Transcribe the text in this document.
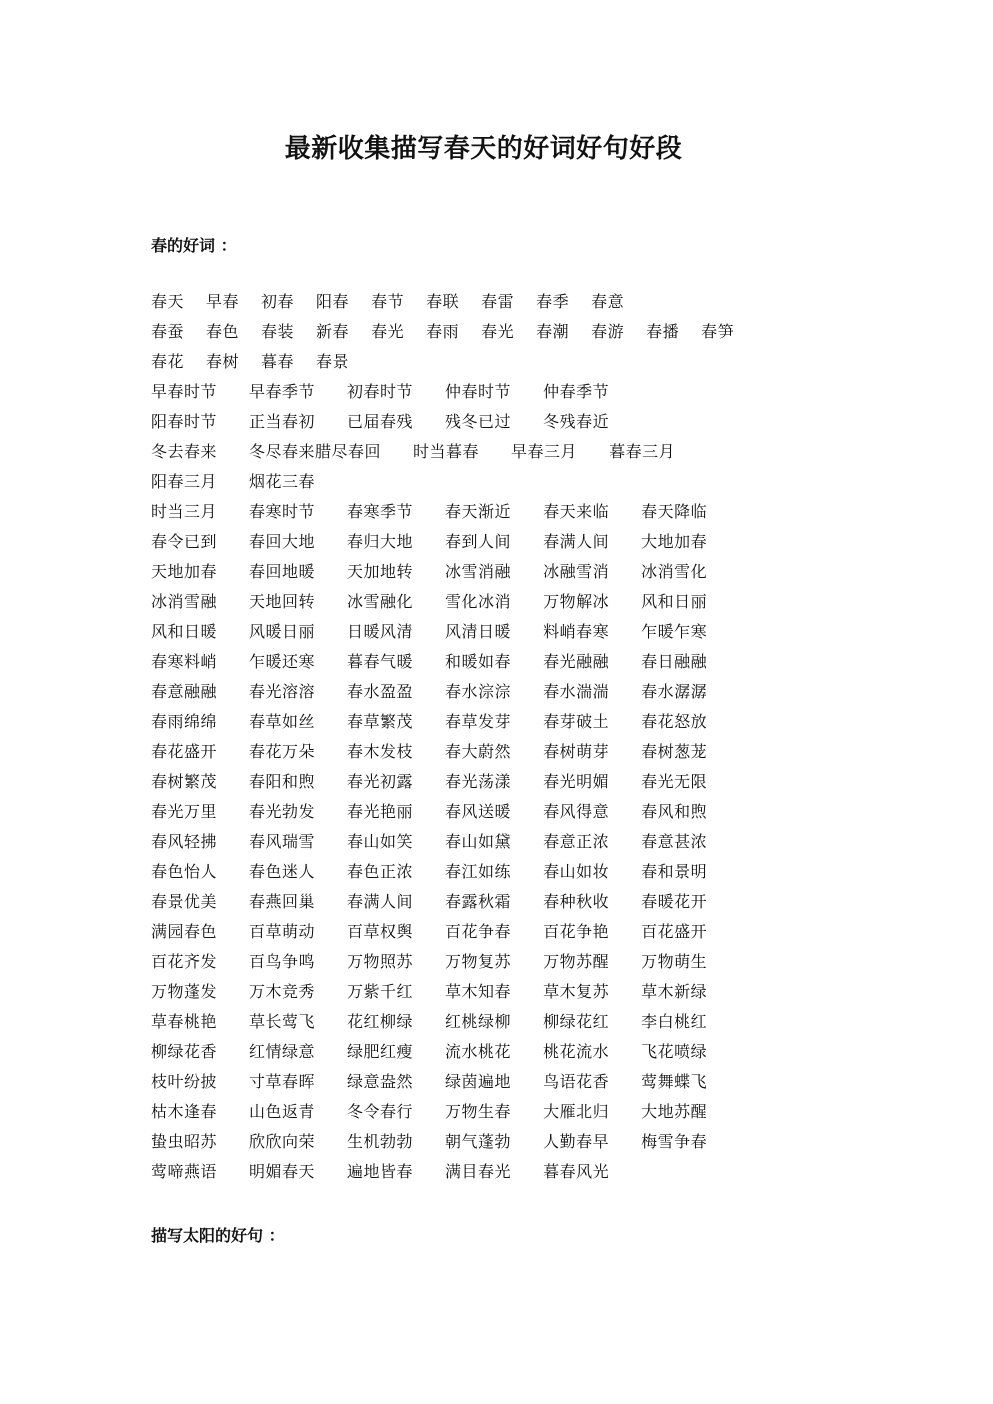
最新收集描写春天的好词好句好段
春的好词 ：
春天 早春 初春 阳春 春节 春联 春雷 春季 春意
春蚕 春色 春装 新春 春光 春雨 春光 春潮 春游 春播 春笋
春花 春树 暮春 春景
早春时节 早春季节 初春时节 仲春时节 仲春季节
阳春时节 正当春初 已届春残 残冬已过 冬残春近
冬去春来 冬尽春来腊尽春回 时当暮春 早春三月 暮春三月
阳春三月 烟花三春
时当三月 春寒时节 春寒季节 春天渐近 春天来临 春天降临
春令已到 春回大地 春归大地 春到人间 春满人间 大地加春
天地加春 春回地暖 天加地转 冰雪消融 冰融雪消 冰消雪化
冰消雪融 天地回转 冰雪融化 雪化冰消 万物解冰 风和日丽
风和日暖 风暖日丽 日暖风清 风清日暖 料峭春寒 乍暖乍寒
春寒料峭 乍暖还寒 暮春气暖 和暖如春 春光融融 春日融融
春意融融 春光溶溶 春水盈盈 春水淙淙 春水湍湍 春水潺潺
春雨绵绵 春草如丝 春草繁茂 春草发芽 春芽破土 春花怒放
春花盛开 春花万朵 春木发枝 春大蔚然 春树萌芽 春树葱茏
春树繁茂 春阳和煦 春光初露 春光荡漾 春光明媚 春光无限
春光万里 春光勃发 春光艳丽 春风送暖 春风得意 春风和煦
春风轻拂 春风瑞雪 春山如笑 春山如黛 春意正浓 春意甚浓
春色怡人 春色迷人 春色正浓 春江如练 春山如妆 春和景明
春景优美 春燕回巢 春满人间 春露秋霜 春种秋收 春暖花开
满园春色 百草萌动 百草权舆 百花争春 百花争艳 百花盛开
百花齐发 百鸟争鸣 万物照苏 万物复苏 万物苏醒 万物萌生
万物蓬发 万木竞秀 万紫千红 草木知春 草木复苏 草木新绿
草春桃艳 草长莺飞 花红柳绿 红桃绿柳 柳绿花红 李白桃红
柳绿花香 红情绿意 绿肥红瘦 流水桃花 桃花流水 飞花喷绿
枝叶纷披 寸草春晖 绿意盎然 绿茵遍地 鸟语花香 莺舞蝶飞
枯木逢春 山色返青 冬令春行 万物生春 大雁北归 大地苏醒
蛰虫昭苏 欣欣向荣 生机勃勃 朝气蓬勃 人勤春早 梅雪争春
莺啼燕语 明媚春天 遍地皆春 满目春光 暮春风光
描写太阳的好句 ：
